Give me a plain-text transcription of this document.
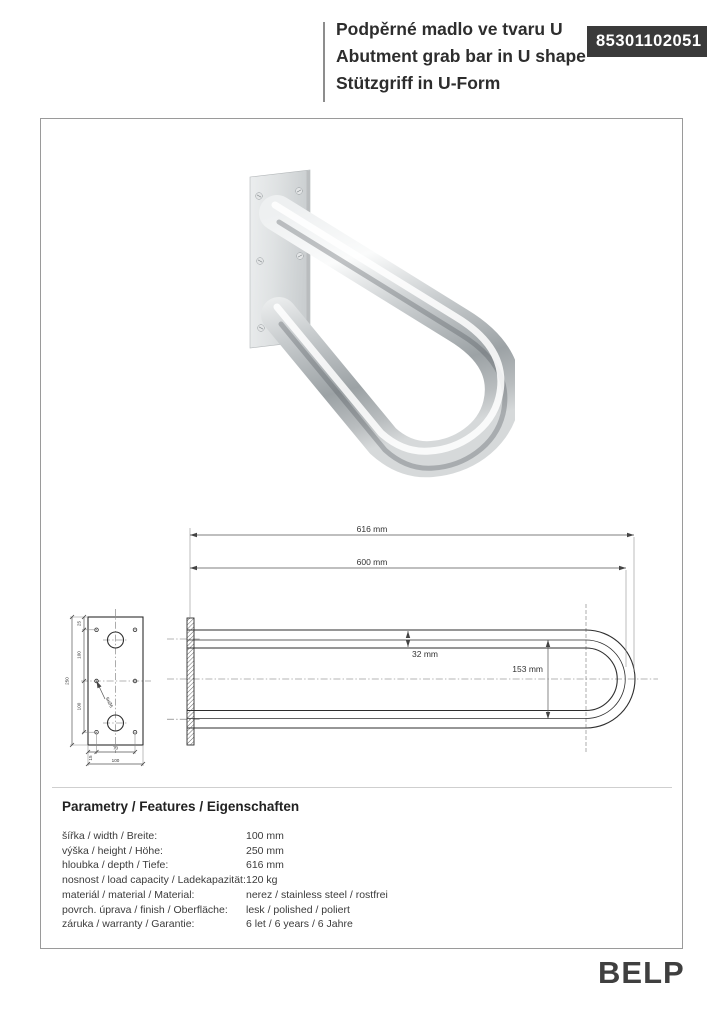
Podpěrné madlo ve tvaru U
Abutment grab bar in U shape
Stützgriff in U-Form
85301102051
25
100
100
250
15
70
100
6xØ6
616 mm
600 mm
32 mm
153 mm
Parametry / Features / Eigenschaften
šířka / width / Breite:	100 mm
výška / height / Höhe:	250 mm
hloubka / depth / Tiefe:	616 mm
nosnost / load capacity / Ladekapazität: 120 kg
materiál / material / Material:	nerez / stainless steel / rostfrei
povrch. úprava / finish / Oberfläche:	lesk / polished / poliert
záruka / warranty / Garantie:	6 let / 6 years / 6 Jahre
BELP
